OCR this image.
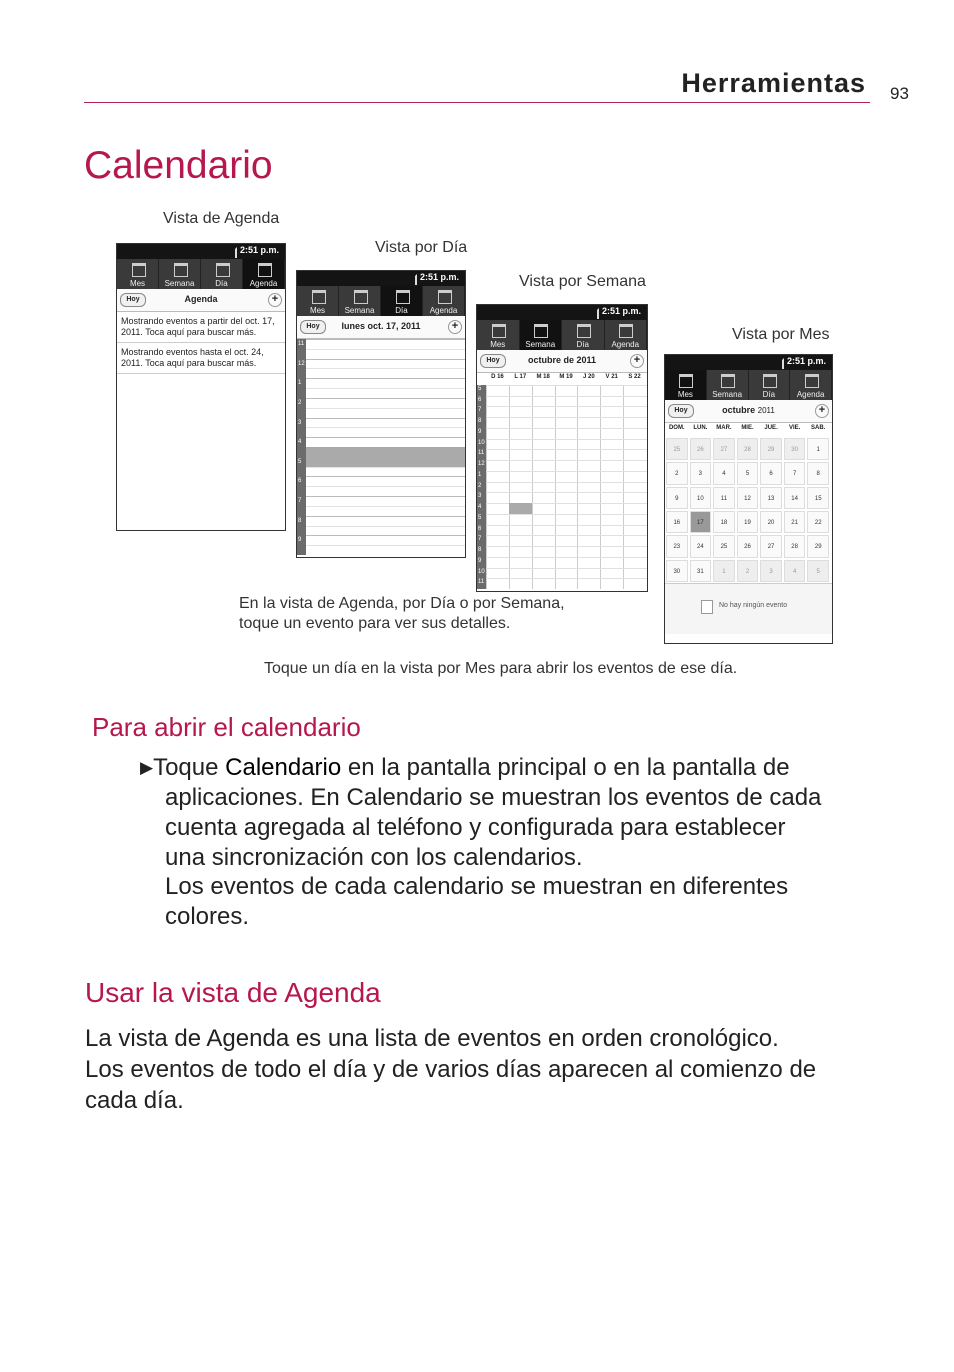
Herramientas 93
Calendario
Vista de Agenda
Vista por Día
Vista por Semana
Vista por Mes
2:51 p.m.
Mes	Semana	Día	Agenda
Hoy	Agenda	+
Mostrando eventos a partir del oct. 17, 2011. Toca aquí para buscar más.
Mostrando eventos hasta el oct. 24, 2011. Toca aquí para buscar más.
2:51 p.m.
Mes	Semana	Día	Agenda
Hoy	lunes oct. 17, 2011	+
11
12
1
2
3
4
5
6
7
8
9
2:51 p.m.
Mes	Semana	Día	Agenda
Hoy	octubre de 2011	+
D 16	L 17	M 18	M 19	J 20	V 21	S 22
5
6
7
8
9
10
11
12
1
2
3
4
5
6
7
8
9
10
11
2:51 p.m.
Mes	Semana	Día	Agenda
Hoy	octubre 2011	+
DOM.	LUN.	MAR.	MIE.	JUE.	VIE.	SAB.
25	26	27	28	29	30	1
2	3	4	5	6	7	8
9	10	11	12	13	14	15
16	17	18	19	20	21	22
23	24	25	26	27	28	29
30	31	1	2	3	4	5
No hay ningún evento
En la vista de Agenda, por Día o por Semana,
toque un evento para ver sus detalles.
Toque un día en la vista por Mes para abrir los eventos de ese día.
Para abrir el calendario
▶Toque Calendario en la pantalla principal o en la pantalla de
aplicaciones. En Calendario se muestran los eventos de cada
cuenta agregada al teléfono y configurada para establecer
una sincronización con los calendarios.
Los eventos de cada calendario se muestran en diferentes
colores.
Usar la vista de Agenda
La vista de Agenda es una lista de eventos en orden cronológico.
Los eventos de todo el día y de varios días aparecen al comienzo de
cada día.
